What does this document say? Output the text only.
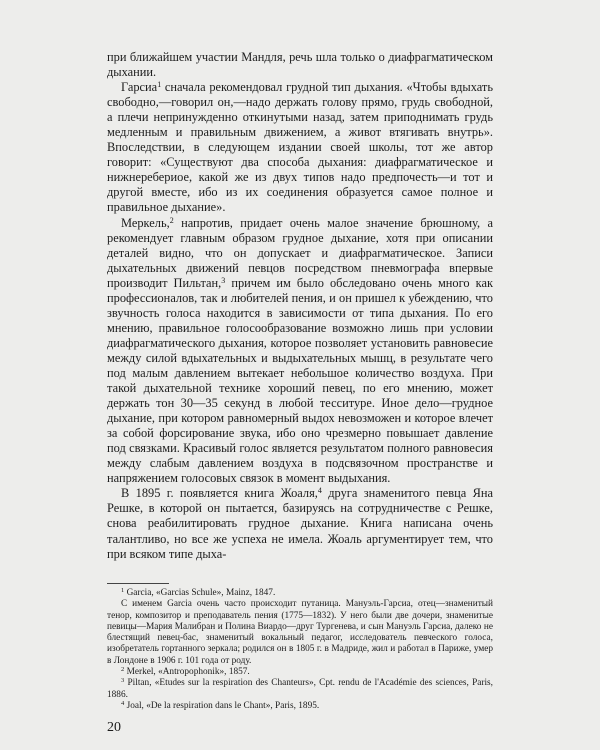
при ближайшем участии Мандля, речь шла только о диафрагматическом дыхании.

Гарсиа$^1$ сначала рекомендовал грудной тип дыхания. «Чтобы вдыхать свободно,—говорил он,—надо держать голову прямо, грудь свободной, а плечи непринужденно откинутыми назад, затем приподнимать грудь медленным и правильным движением, а живот втягивать внутрь». Впоследствии, в следующем издании своей школы, тот же автор говорит: «Существуют два способа дыхания: диафрагматическое и нижнеребериое, какой же из двух типов надо предпочесть—и тот и другой вместе, ибо из их соединения образуется самое полное и правильное дыхание».

Меркель,$^2$ напротив, придает очень малое значение брюшному, а рекомендует главным образом грудное дыхание, хотя при описании деталей видно, что он допускает и диафрагматическое. Записи дыхательных движений певцов посредством пневмографа впервые производит Пильтан,$^3$ причем им было обследовано очень много как профессионалов, так и любителей пения, и он пришел к убеждению, что звучность голоса находится в зависимости от типа дыхания. По его мнению, правильное голосообразование возможно лишь при условии диафрагматического дыхания, которое позволяет установить равновесие между силой вдыхательных и выдыхательных мышц, в результате чего под малым давлением вытекает небольшое количество воздуха. При такой дыхательной технике хороший певец, по его мнению, может держать тон 30—35 секунд в любой тесситуре. Иное дело—грудное дыхание, при котором равномерный выдох невозможен и которое влечет за собой форсирование звука, ибо оно чрезмерно повышает давление под связками. Красивый голос является результатом полного равновесия между слабым давлением воздуха в подсвязочном пространстве и напряжением голосовых связок в момент выдыхания.

В 1895 г. появляется книга Жоаля,$^4$ друга знаменитого певца Яна Решке, в которой он пытается, базируясь на сотрудничестве с Решке, снова реабилитировать грудное дыхание. Книга написана очень талантливо, но все же успеха не имела. Жоаль аргументирует тем, что при всяком типе дыха-

$^1$ Garcia, «Garcias Schule», Mainz, 1847.

С именем Garcia очень часто происходит путаница. Мануэль-Гарсиа, отец—знаменитый тенор, композитор и преподаватель пения (1775—1832). У него были две дочери, знаменитые певицы—Мария Малибран и Полина Виардо—друг Тургенева, и сын Мануэль Гарсиа, далеко не блестящий певец-бас, знаменитый вокальный педагог, исследователь певческого голоса, изобретатель гортанного зеркала; родился он в 1805 г. в Мадриде, жил и работал в Париже, умер в Лондоне в 1906 г. 101 года от роду.

$^2$ Merkel, «Antropophonik», 1857.

$^3$ Piltan, «Etudes sur la respiration des Chanteurs», Cpt. rendu de l'Académie des sciences, Paris, 1886.

$^4$ Joal, «De la respiration dans le Chant», Paris, 1895.

20
